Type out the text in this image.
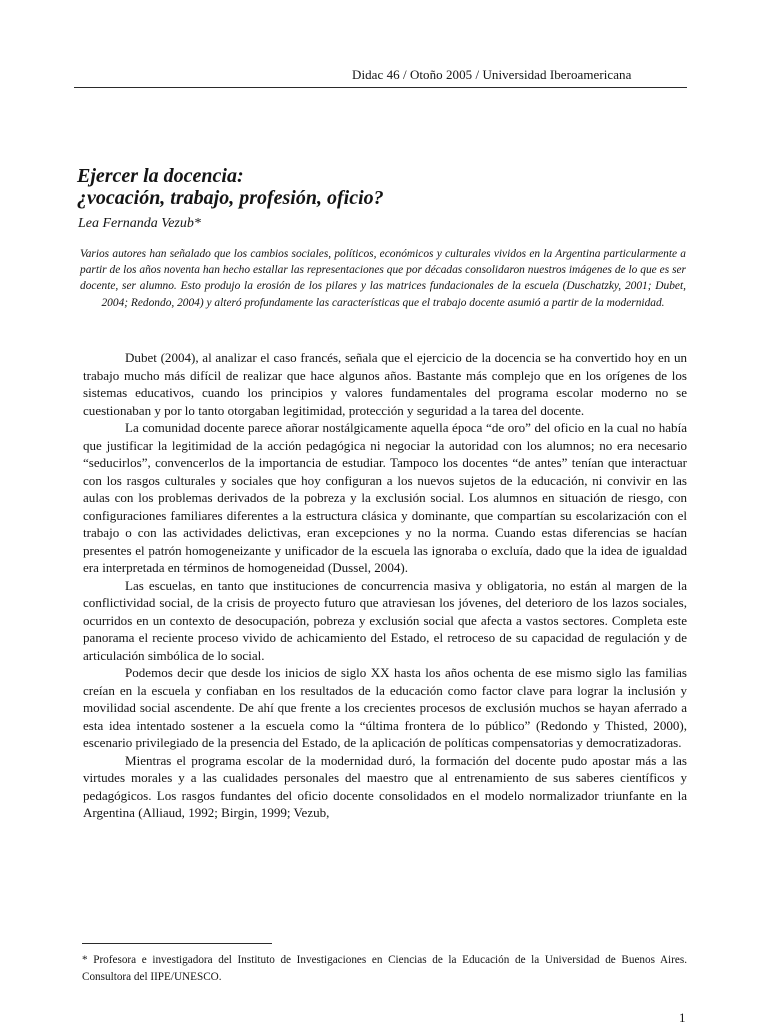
Didac 46 / Otoño 2005 / Universidad Iberoamericana
Ejercer la docencia:
¿vocación, trabajo, profesión, oficio?
Lea Fernanda Vezub*

Varios autores han señalado que los cambios sociales, políticos, económicos y culturales vividos en la Argentina particularmente a partir de los años noventa han hecho estallar las representaciones que por décadas consolidaron nuestros imágenes de lo que es ser docente, ser alumno. Esto produjo la erosión de los pilares y las matrices fundacionales de la escuela (Duschatzky, 2001; Dubet, 2004; Redondo, 2004) y alteró profundamente las características que el trabajo docente asumió a partir de la modernidad.

Dubet (2004), al analizar el caso francés, señala que el ejercicio de la docencia se ha convertido hoy en un trabajo mucho más difícil de realizar que hace algunos años. Bastante más complejo que en los orígenes de los sistemas educativos, cuando los principios y valores fundamentales del programa escolar moderno no se cuestionaban y por lo tanto otorgaban legitimidad, protección y seguridad a la tarea del docente.

La comunidad docente parece añorar nostálgicamente aquella época “de oro” del oficio en la cual no había que justificar la legitimidad de la acción pedagógica ni negociar la autoridad con los alumnos; no era necesario “seducirlos”, convencerlos de la importancia de estudiar. Tampoco los docentes “de antes” tenían que interactuar con los rasgos culturales y sociales que hoy configuran a los nuevos sujetos de la educación, ni convivir en las aulas con los problemas derivados de la pobreza y la exclusión social. Los alumnos en situación de riesgo, con configuraciones familiares diferentes a la estructura clásica y dominante, que compartían su escolarización con el trabajo o con las actividades delictivas, eran excepciones y no la norma. Cuando estas diferencias se hacían presentes el patrón homogeneizante y unificador de la escuela las ignoraba o excluía, dado que la idea de igualdad era interpretada en términos de homogeneidad (Dussel, 2004).

Las escuelas, en tanto que instituciones de concurrencia masiva y obligatoria, no están al margen de la conflictividad social, de la crisis de proyecto futuro que atraviesan los jóvenes, del deterioro de los lazos sociales, ocurridos en un contexto de desocupación, pobreza y exclusión social que afecta a vastos sectores. Completa este panorama el reciente proceso vivido de achicamiento del Estado, el retroceso de su capacidad de regulación y de articulación simbólica de lo social.

Podemos decir que desde los inicios de siglo XX hasta los años ochenta de ese mismo siglo las familias creían en la escuela y confiaban en los resultados de la educación como factor clave para lograr la inclusión y movilidad social ascendente. De ahí que frente a los crecientes procesos de exclusión muchos se hayan aferrado a esta idea intentado sostener a la escuela como la “última frontera de lo público” (Redondo y Thisted, 2000), escenario privilegiado de la presencia del Estado, de la aplicación de políticas compensatorias y democratizadoras.

Mientras el programa escolar de la modernidad duró, la formación del docente pudo apostar más a las virtudes morales y a las cualidades personales del maestro que al entrenamiento de sus saberes científicos y pedagógicos. Los rasgos fundantes del oficio docente consolidados en el modelo normalizador triunfante en la Argentina (Alliaud, 1992; Birgin, 1999; Vezub,

* Profesora e investigadora del Instituto de Investigaciones en Ciencias de la Educación de la Universidad de Buenos Aires. Consultora del IIPE/UNESCO.

1
